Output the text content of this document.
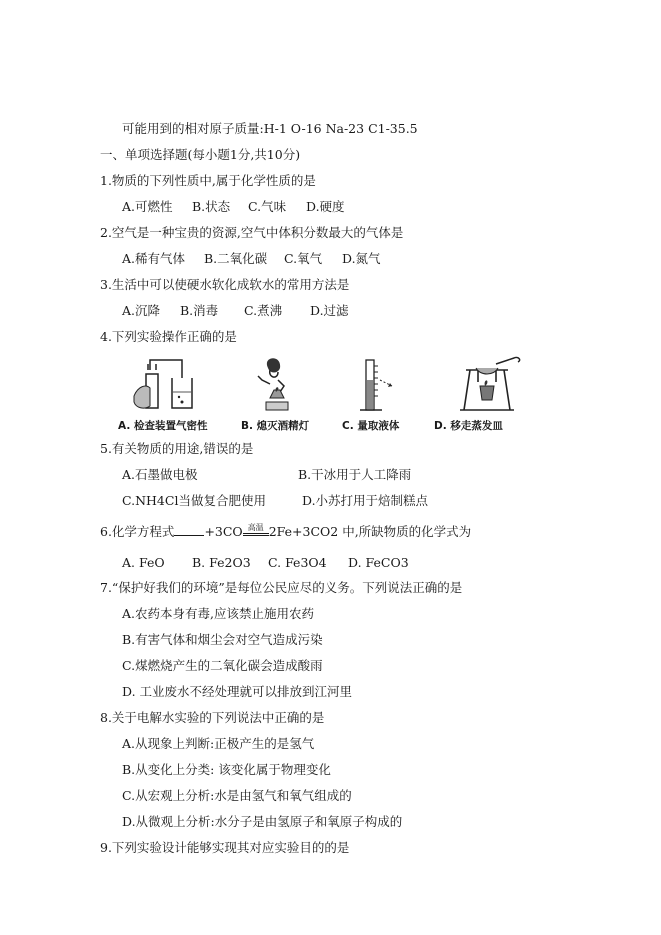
可能用到的相对原子质量:H-1 O-16 Na-23 C1-35.5
一、单项选择题(每小题1分,共10分)
1.物质的下列性质中,属于化学性质的是
A.可燃性 B.状态 C.气味 D.硬度
2.空气是一种宝贵的资源,空气中体积分数最大的气体是
A.稀有气体 B.二氧化碳 C.氧气 D.氮气
3.生活中可以使硬水软化成软水的常用方法是
A.沉降 B.消毒 C.煮沸 D.过滤
4.下列实验操作正确的是
A. 检查装置气密性	B. 熄灭酒精灯	C. 量取液体	D. 移走蒸发皿
5.有关物质的用途,错误的是
A.石墨做电极	B.干冰用于人工降雨
C.NH4Cl当做复合肥使用	D.小苏打用于焙制糕点
6.化学方程式 +3CO 高温 2Fe+3CO2 中,所缺物质的化学式为
A. FeO B. Fe2O3 C. Fe3O4 D. FeCO3
7.“保护好我们的环境”是每位公民应尽的义务。下列说法正确的是
A.农药本身有毒,应该禁止施用农药
B.有害气体和烟尘会对空气造成污染
C.煤燃烧产生的二氧化碳会造成酸雨
D. 工业废水不经处理就可以排放到江河里
8.关于电解水实验的下列说法中正确的是
A.从现象上判断:正极产生的是氢气
B.从变化上分类: 该变化属于物理变化
C.从宏观上分析:水是由氢气和氧气组成的
D.从微观上分析:水分子是由氢原子和氧原子构成的
9.下列实验设计能够实现其对应实验目的的是
